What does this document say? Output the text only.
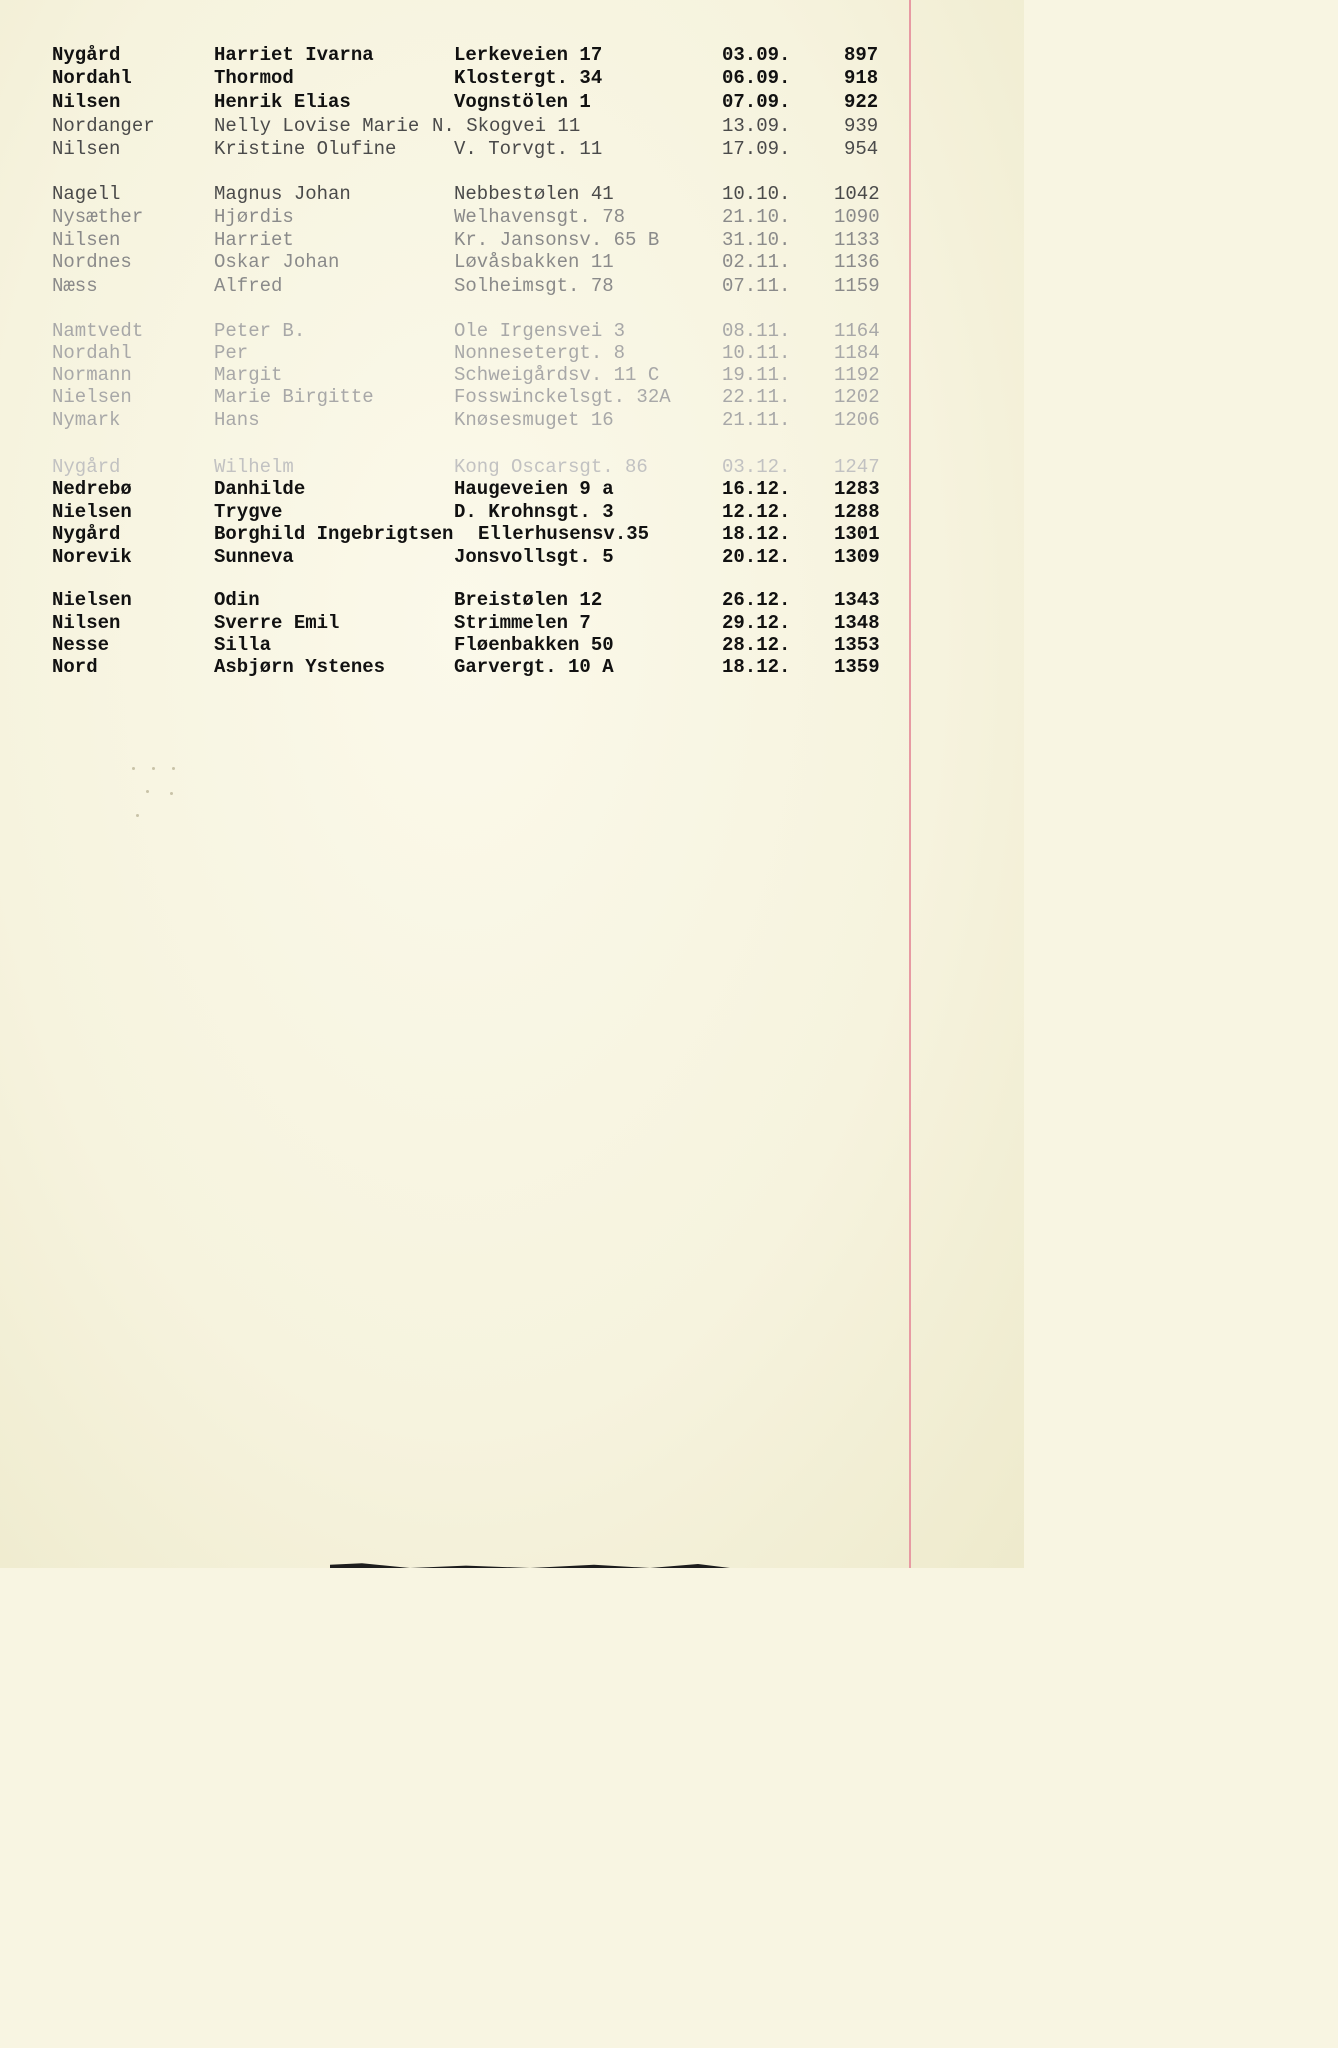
Nygård	Harriet Ivarna	Lerkeveien 17	03.09.	897
Nordahl	Thormod	Klostergt. 34	06.09.	918
Nilsen	Henrik Elias	Vognstölen 1	07.09.	922
Nordanger	Nelly Lovise Marie N. Skogvei 11	13.09.	939
Nilsen	Kristine Olufine	V. Torvgt. 11	17.09.	954
Nagell	Magnus Johan	Nebbestølen 41	10.10. 1042
Nysæther	Hjørdis	Welhavensgt. 78	21.10. 1090
Nilsen	Harriet	Kr. Jansonsv. 65 B	31.10. 1133
Nordnes	Oskar Johan	Løvåsbakken 11	02.11. 1136
Næss	Alfred	Solheimsgt. 78	07.11. 1159
Namtvedt	Peter B.	Ole Irgensvei 3	08.11. 1164
Nordahl	Per	Nonnesetergt. 8	10.11. 1184
Normann	Margit	Schweigårdsv. 11 C	19.11. 1192
Nielsen	Marie Birgitte	Fosswinckelsgt. 32A	22.11. 1202
Nymark	Hans	Knøsesmuget 16	21.11. 1206
Nygård	Wilhelm	Kong Oscarsgt. 86	03.12. 1247
Nedrebø	Danhilde	Haugeveien 9 a	16.12. 1283
Nielsen	Trygve	D. Krohnsgt. 3	12.12. 1288
Nygård	Borghild Ingebrigtsen Ellerhusensv.35	18.12. 1301
Norevik	Sunneva	Jonsvollsgt. 5	20.12. 1309
Nielsen	Odin	Breistølen 12	26.12. 1343
Nilsen	Sverre Emil	Strimmelen 7	29.12. 1348
Nesse	Silla	Fløenbakken 50	28.12. 1353
Nord	Asbjørn Ystenes	Garvergt. 10 A	18.12. 1359
